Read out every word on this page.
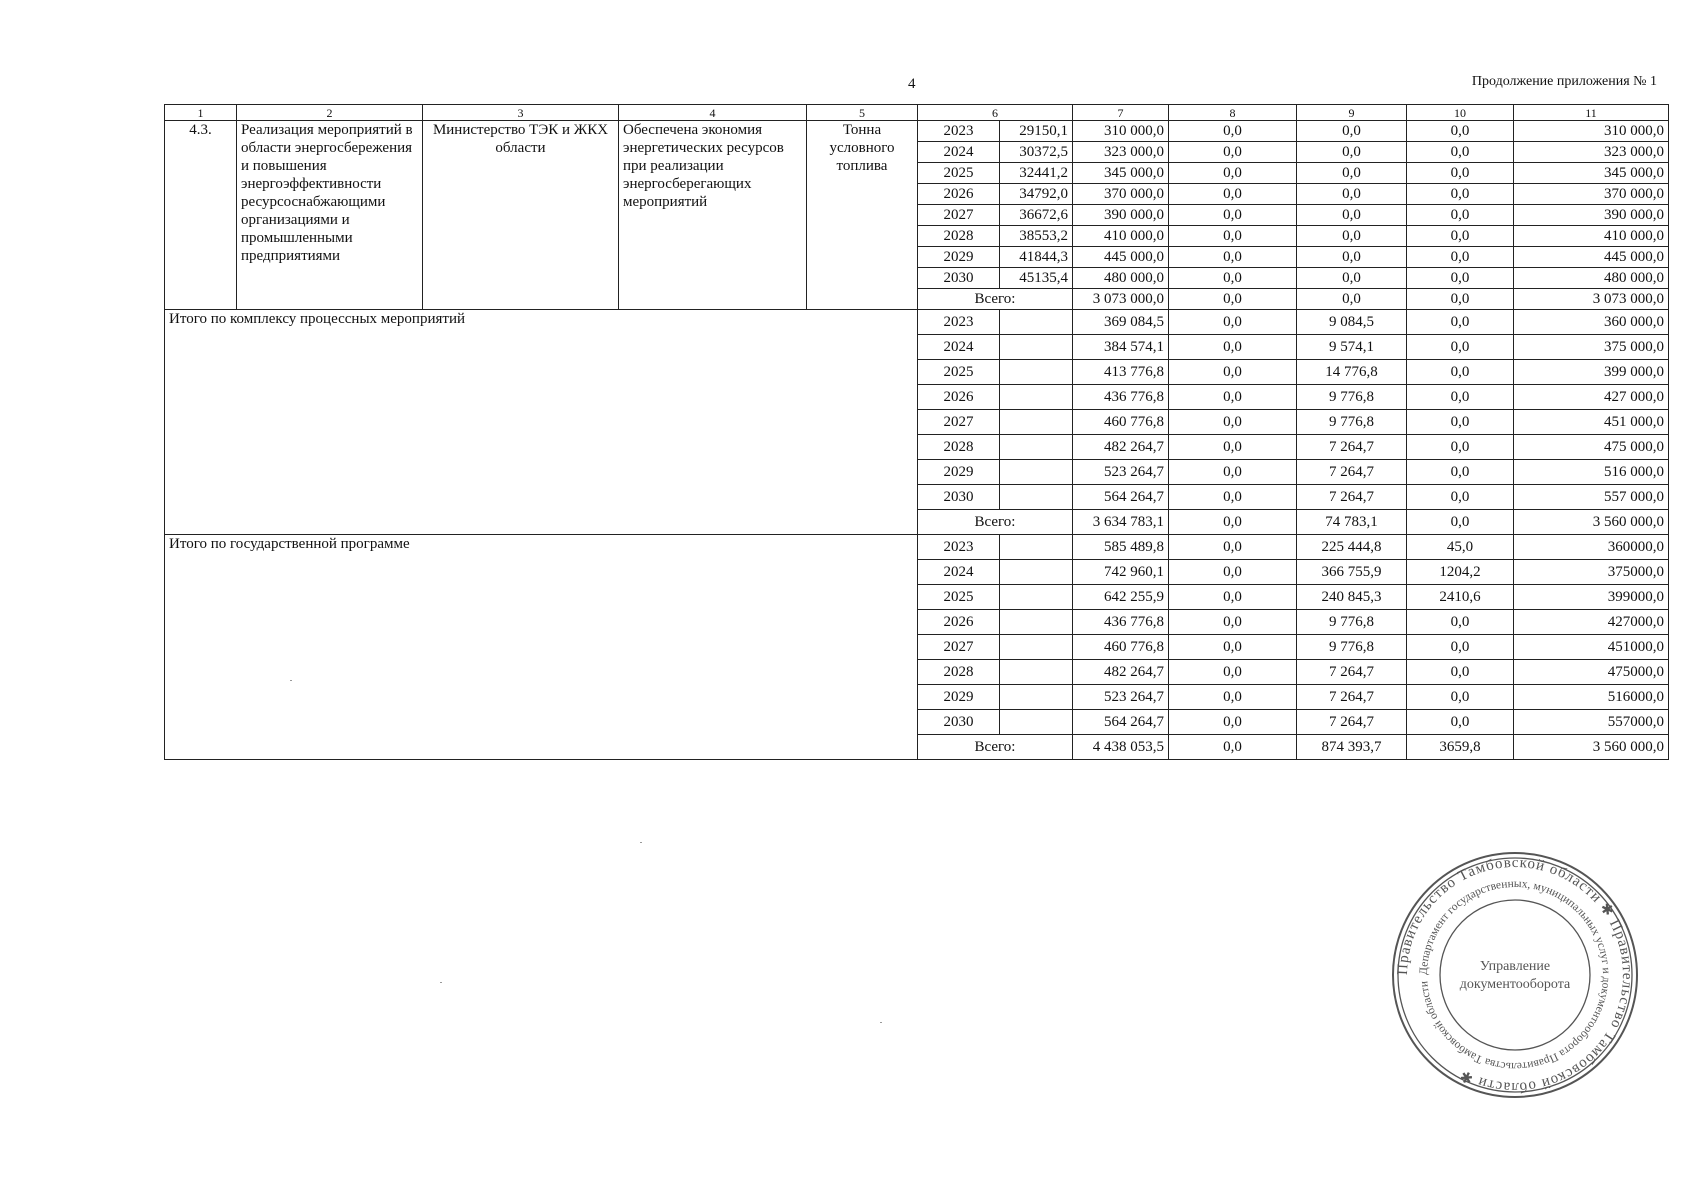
4	Продолжение приложения № 1
1	2	3	4	5	6		7	8	9	10	11
4.3.	Реализация мероприятий в области энергосбережения и повышения энергоэффективности ресурсоснабжающими организациями и промышленными предприятиями	Министерство ТЭК и ЖКХ области	Обеспечена экономия энергетических ресурсов при реализации энергосберегающих мероприятий	Тонна условного топлива	2023	29150,1	310 000,0	0,0	0,0	0,0	310 000,0
					2024	30372,5	323 000,0	0,0	0,0	0,0	323 000,0
					2025	32441,2	345 000,0	0,0	0,0	0,0	345 000,0
					2026	34792,0	370 000,0	0,0	0,0	0,0	370 000,0
					2027	36672,6	390 000,0	0,0	0,0	0,0	390 000,0
					2028	38553,2	410 000,0	0,0	0,0	0,0	410 000,0
					2029	41844,3	445 000,0	0,0	0,0	0,0	445 000,0
					2030	45135,4	480 000,0	0,0	0,0	0,0	480 000,0
					Всего:		3 073 000,0	0,0	0,0	0,0	3 073 000,0
Итого по комплексу процессных мероприятий					2023		369 084,5	0,0	9 084,5	0,0	360 000,0
					2024		384 574,1	0,0	9 574,1	0,0	375 000,0
					2025		413 776,8	0,0	14 776,8	0,0	399 000,0
					2026		436 776,8	0,0	9 776,8	0,0	427 000,0
					2027		460 776,8	0,0	9 776,8	0,0	451 000,0
					2028		482 264,7	0,0	7 264,7	0,0	475 000,0
					2029		523 264,7	0,0	7 264,7	0,0	516 000,0
					2030		564 264,7	0,0	7 264,7	0,0	557 000,0
					Всего:		3 634 783,1	0,0	74 783,1	0,0	3 560 000,0
Итого по государственной программе					2023		585 489,8	0,0	225 444,8	45,0	360000,0
					2024		742 960,1	0,0	366 755,9	1204,2	375000,0
					2025		642 255,9	0,0	240 845,3	2410,6	399000,0
					2026		436 776,8	0,0	9 776,8	0,0	427000,0
					2027		460 776,8	0,0	9 776,8	0,0	451000,0
					2028		482 264,7	0,0	7 264,7	0,0	475000,0
					2029		523 264,7	0,0	7 264,7	0,0	516000,0
					2030		564 264,7	0,0	7 264,7	0,0	557000,0
					Всего:		4 438 053,5	0,0	874 393,7	3659,8	3 560 000,0
Правительство Тамбовской области ✱ Правительство Тамбовской области ✱
Департамент государственных, муниципальных услуг и документооборота Правительства Тамбовской области
Управление
документооборота
